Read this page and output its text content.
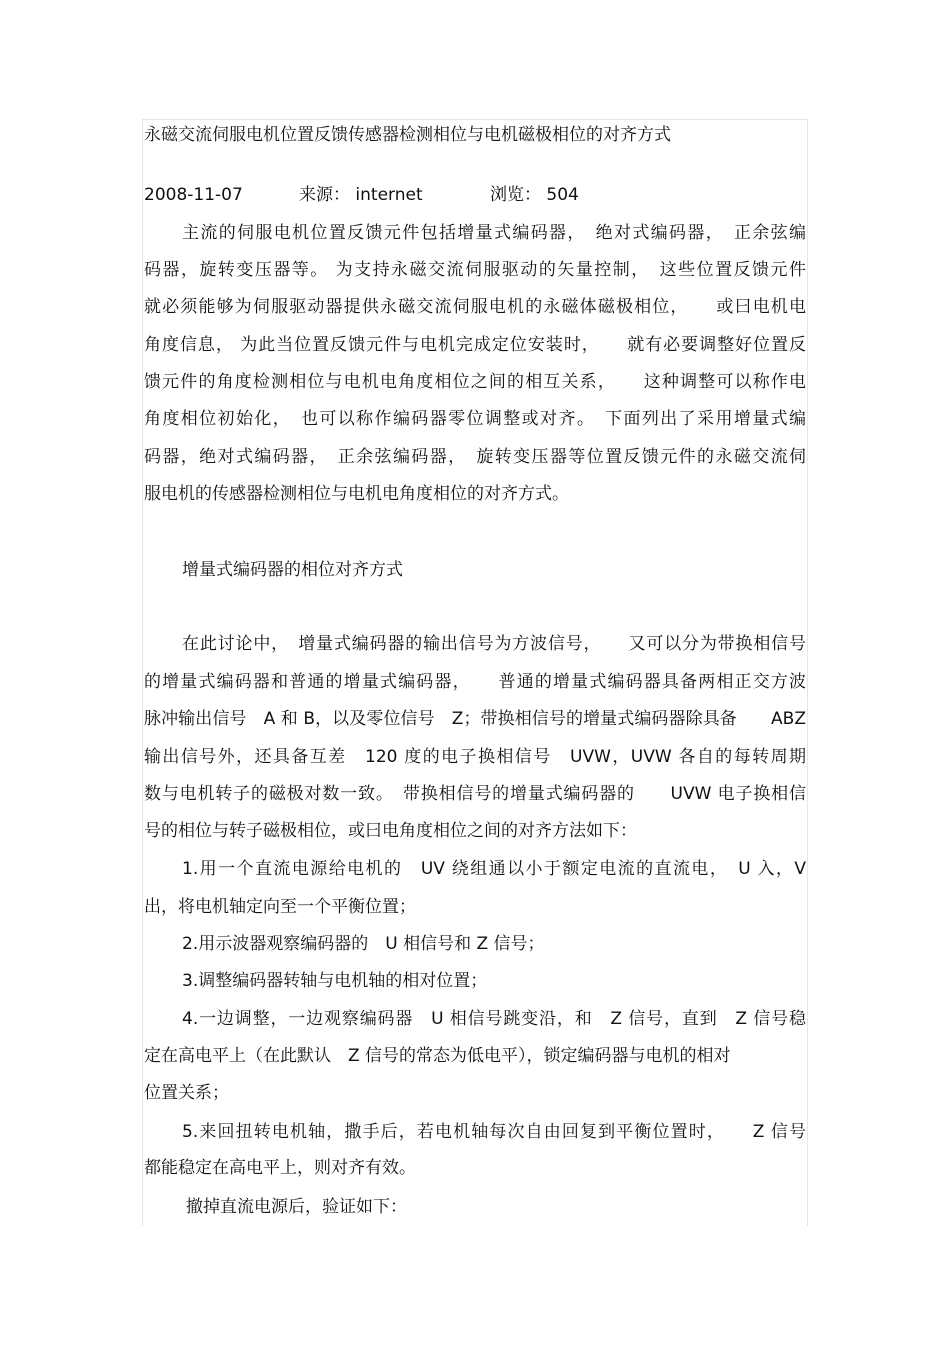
永磁交流伺服电机位置反馈传感器检测相位与电机磁极相位的对齐方式
2008-11-07	来源： internet	浏览： 504
主流的伺服电机位置反馈元件包括增量式编码器，　绝对式编码器，　正余弦编
码器，旋转变压器等。 为支持永磁交流伺服驱动的矢量控制，　这些位置反馈元件
就必须能够为伺服驱动器提供永磁交流伺服电机的永磁体磁极相位，　　或曰电机电
角度信息， 为此当位置反馈元件与电机完成定位安装时，　　就有必要调整好位置反
馈元件的角度检测相位与电机电角度相位之间的相互关系，　　这种调整可以称作电
角度相位初始化，　也可以称作编码器零位调整或对齐。　下面列出了采用增量式编
码器，绝对式编码器，　正余弦编码器，　旋转变压器等位置反馈元件的永磁交流伺
服电机的传感器检测相位与电机电角度相位的对齐方式。
增量式编码器的相位对齐方式
在此讨论中，　增量式编码器的输出信号为方波信号，　　又可以分为带换相信号
的增量式编码器和普通的增量式编码器，　　普通的增量式编码器具备两相正交方波
脉冲输出信号　A 和 B，以及零位信号　Z；带换相信号的增量式编码器除具备　　ABZ
输出信号外，还具备互差　120 度的电子换相信号　UVW，UVW 各自的每转周期
数与电机转子的磁极对数一致。　带换相信号的增量式编码器的　　UVW 电子换相信
号的相位与转子磁极相位，或曰电角度相位之间的对齐方法如下：
1.用一个直流电源给电机的　UV 绕组通以小于额定电流的直流电，　U 入，V
出，将电机轴定向至一个平衡位置；
2.用示波器观察编码器的　U 相信号和 Z 信号；
3.调整编码器转轴与电机轴的相对位置；
4.一边调整，一边观察编码器　U 相信号跳变沿，和　Z 信号，直到　Z 信号稳
定在高电平上（在此默认　Z 信号的常态为低电平），锁定编码器与电机的相对
位置关系；
5.来回扭转电机轴，撒手后，若电机轴每次自由回复到平衡位置时，　　Z 信号
都能稳定在高电平上，则对齐有效。
撤掉直流电源后，验证如下：
